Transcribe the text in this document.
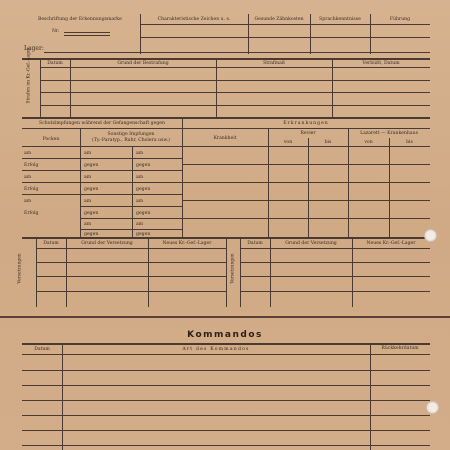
Beschriftung der Erkennungsmarke
Nr.
Charakteristische Zeichen u. s.	Gesunde Zähnkosten	Sprachkenntnisse	Führung
Lager:
Strafen im Kr.-Gef.-Lager	Datum	Grund der Bestrafung	Strafmaß	Verbüßt, Datum
Schutzimpfungen während der Gefangenschaft gegen	Erkrankungen
Pocken
Sonstige Impfungen
(Ty.-Paratyp., Ruhr, Cholera usw.)
am	am	am
Erfolg	gegen	gegen
am	am	am
Erfolg	gegen	gegen
am	am	am
Erfolg	gegen	gegen
am	am
gegen	gegen
Krankheit
Revier	Lazarett — Krankenhaus
von	bis	von	bis
Versetzungen	Versetzungen
Datum	Grund der Versetzung	Neues Kr.-Gef.-Lager	Datum	Grund der Versetzung	Neues Kr.-Gef.-Lager
Kommandos
Datum	Art des Kommandos	Rückkehrdatum
